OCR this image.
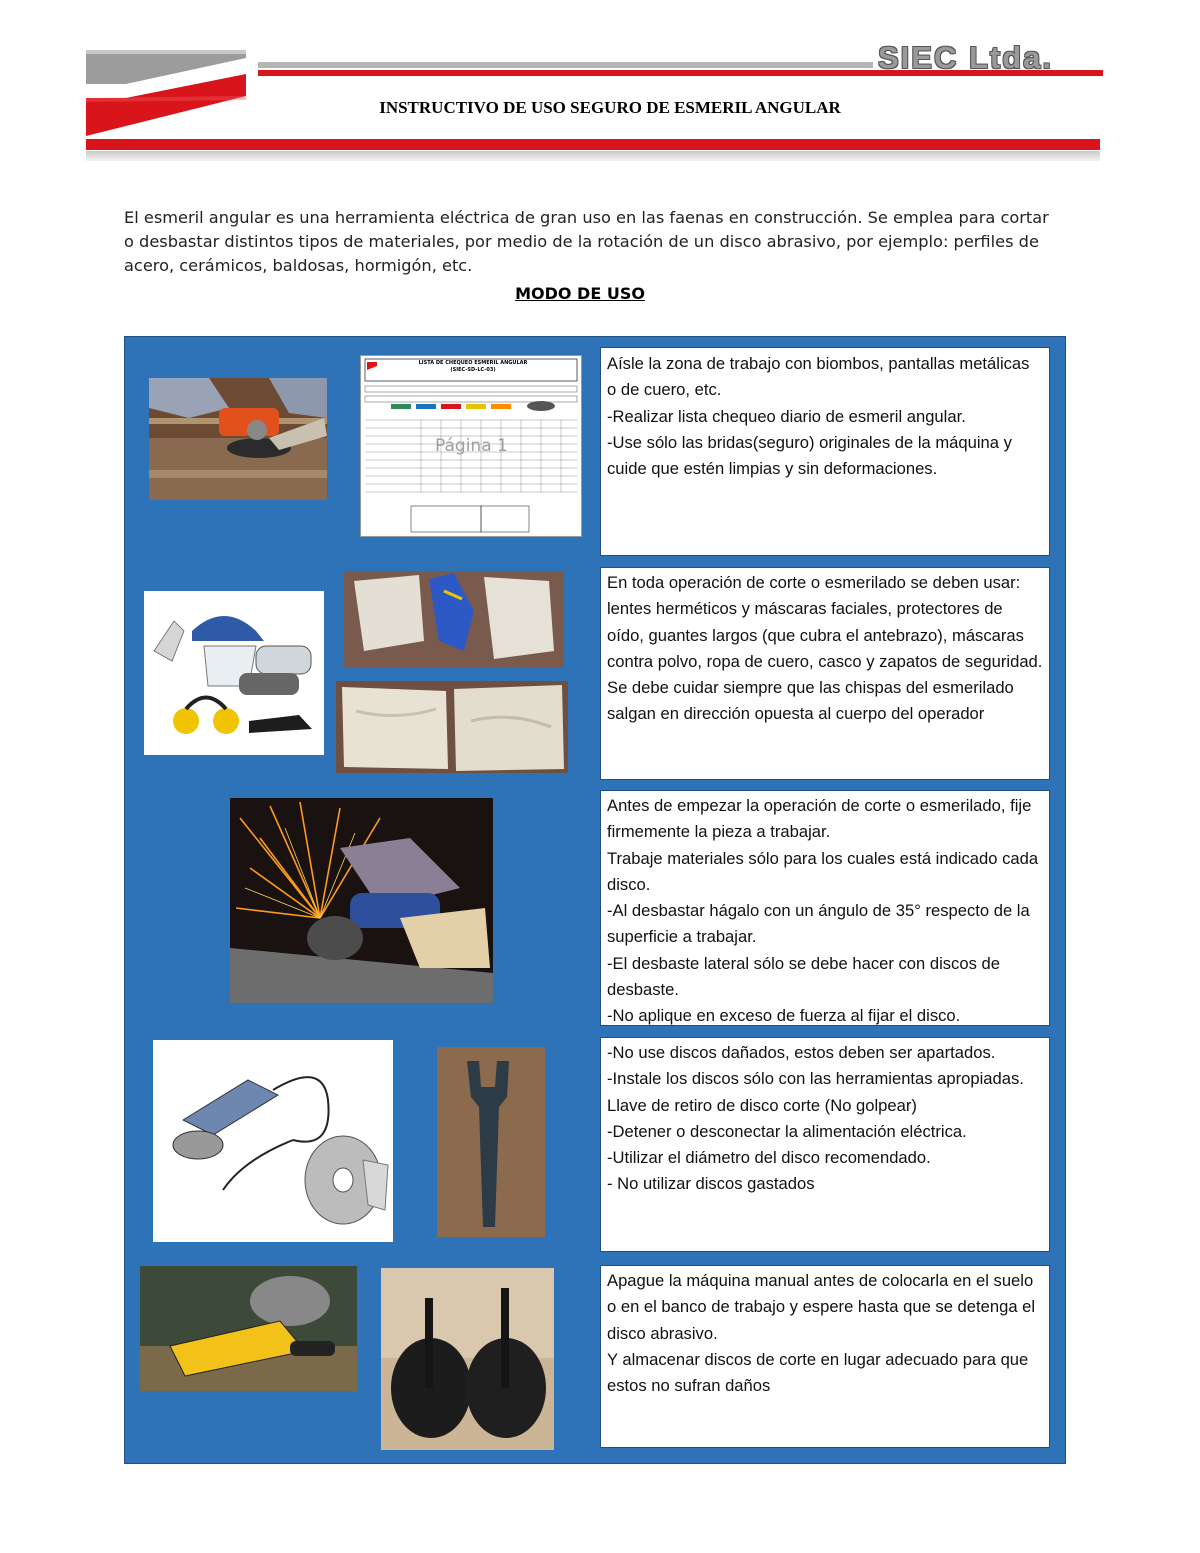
SIEC Ltda.
INSTRUCTIVO DE USO SEGURO DE ESMERIL ANGULAR
El esmeril angular es una herramienta eléctrica de gran uso en las faenas en construcción. Se emplea para cortar o desbastar distintos tipos de materiales, por medio de la rotación de un disco abrasivo, por ejemplo: perfiles de acero, cerámicos, baldosas, hormigón, etc.
MODO DE USO
LISTA DE CHEQUEO ESMERIL ANGULAR
(SIEC-SD-LC-03)
Página 1
Aísle la zona de trabajo con biombos, pantallas metálicas o de cuero, etc.
-Realizar lista chequeo diario de esmeril angular.
-Use sólo las bridas(seguro) originales de la máquina y cuide que estén limpias y sin deformaciones.
En toda operación de corte o esmerilado se deben usar: lentes herméticos y máscaras faciales, protectores de oído, guantes largos (que cubra el antebrazo), máscaras contra polvo, ropa de cuero, casco y zapatos de seguridad.
Se debe cuidar siempre que las chispas del esmerilado salgan en dirección opuesta al cuerpo del operador
Antes de empezar la operación de corte o esmerilado, fije firmemente la pieza a trabajar.
Trabaje materiales sólo para los cuales está indicado cada disco.
-Al desbastar hágalo con un ángulo de 35° respecto de la superficie a trabajar.
-El desbaste lateral sólo se debe hacer con discos de desbaste.
-No aplique en exceso de fuerza al fijar el disco.
-No use discos dañados, estos deben ser apartados.
-Instale los discos sólo con las herramientas apropiadas. Llave de retiro de disco corte (No golpear)
-Detener o desconectar la alimentación eléctrica.
-Utilizar el diámetro del disco recomendado.
- No utilizar discos gastados
Apague la máquina manual antes de colocarla en el suelo o en el banco de trabajo y espere hasta que se detenga el disco abrasivo.
Y almacenar discos de corte en lugar adecuado para que estos no sufran daños
